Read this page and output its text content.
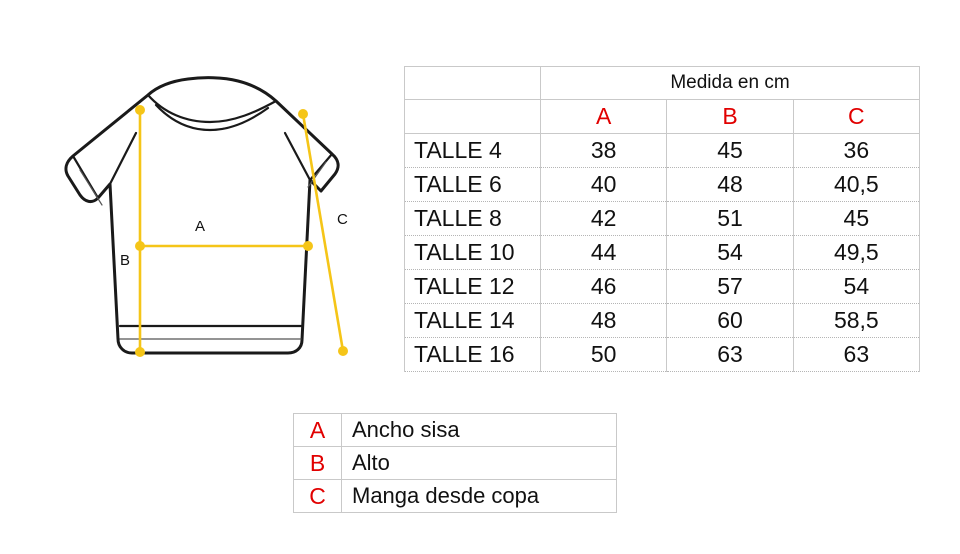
A
B
C
	Medida en cm		
	A	B	C
TALLE 4	38	45	36
TALLE 6	40	48	40,5
TALLE 8	42	51	45
TALLE 10	44	54	49,5
TALLE 12	46	57	54
TALLE 14	48	60	58,5
TALLE 16	50	63	63
A	Ancho sisa
B	Alto
C	Manga desde copa
